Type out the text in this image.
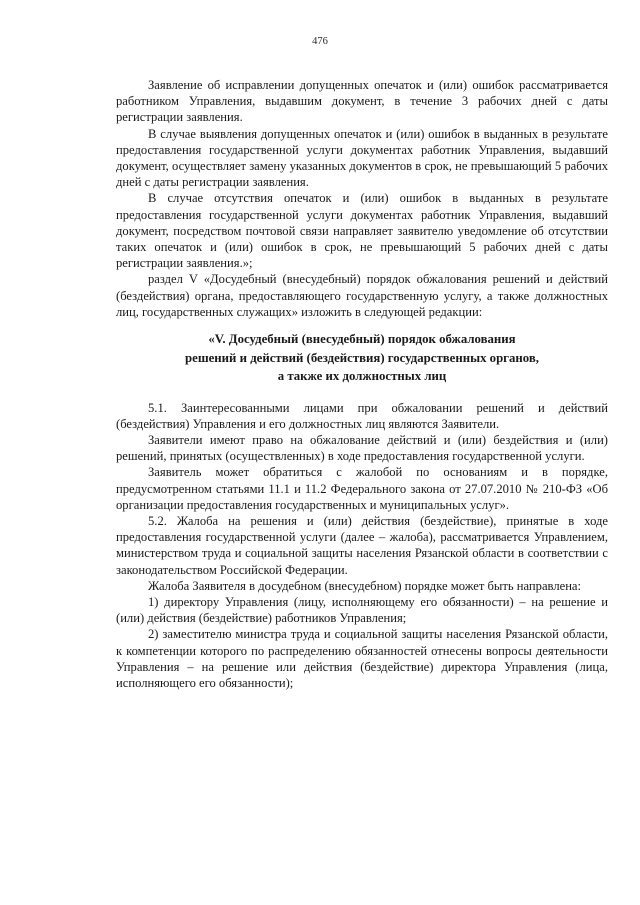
476

Заявление об исправлении допущенных опечаток и (или) ошибок рассматривается работником Управления, выдавшим документ, в течение 3 рабочих дней с даты регистрации заявления.

В случае выявления допущенных опечаток и (или) ошибок в выданных в результате предоставления государственной услуги документах работник Управления, выдавший документ, осуществляет замену указанных документов в срок, не превышающий 5 рабочих дней с даты регистрации заявления.

В случае отсутствия опечаток и (или) ошибок в выданных в результате предоставления государственной услуги документах работник Управления, выдавший документ, посредством почтовой связи направляет заявителю уведомление об отсутствии таких опечаток и (или) ошибок в срок, не превышающий 5 рабочих дней с даты регистрации заявления.»;

раздел V «Досудебный (внесудебный) порядок обжалования решений и действий (бездействия) органа, предоставляющего государственную услугу, а также должностных лиц, государственных служащих» изложить в следующей редакции:

«V. Досудебный (внесудебный) порядок обжалования
решений и действий (бездействия) государственных органов,
а также их должностных лиц

5.1. Заинтересованными лицами при обжаловании решений и действий (бездействия) Управления и его должностных лиц являются Заявители.

Заявители имеют право на обжалование действий и (или) бездействия и (или) решений, принятых (осуществленных) в ходе предоставления государственной услуги.

Заявитель может обратиться с жалобой по основаниям и в порядке, предусмотренном статьями 11.1 и 11.2 Федерального закона от 27.07.2010 № 210-ФЗ «Об организации предоставления государственных и муниципальных услуг».

5.2. Жалоба на решения и (или) действия (бездействие), принятые в ходе предоставления государственной услуги (далее – жалоба), рассматривается Управлением, министерством труда и социальной защиты населения Рязанской области в соответствии с законодательством Российской Федерации.

Жалоба Заявителя в досудебном (внесудебном) порядке может быть направлена:

1) директору Управления (лицу, исполняющему его обязанности) – на решение и (или) действия (бездействие) работников Управления;

2) заместителю министра труда и социальной защиты населения Рязанской области, к компетенции которого по распределению обязанностей отнесены вопросы деятельности Управления – на решение или действия (бездействие) директора Управления (лица, исполняющего его обязанности);
